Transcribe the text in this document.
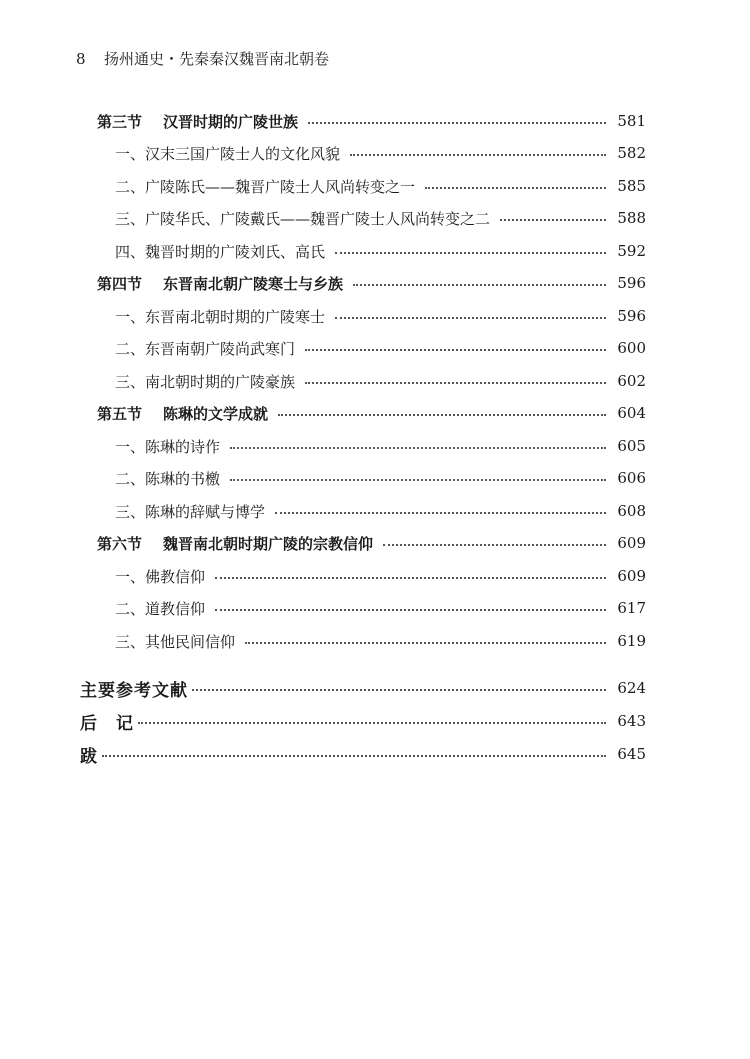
8 扬州通史・先秦秦汉魏晋南北朝卷
第三节 汉晋时期的广陵世族	581
一、汉末三国广陵士人的文化风貌	582
二、广陵陈氏——魏晋广陵士人风尚转变之一	585
三、广陵华氏、广陵戴氏——魏晋广陵士人风尚转变之二	588
四、魏晋时期的广陵刘氏、高氏	592
第四节 东晋南北朝广陵寒士与乡族	596
一、东晋南北朝时期的广陵寒士	596
二、东晋南朝广陵尚武寒门	600
三、南北朝时期的广陵豪族	602
第五节 陈琳的文学成就	604
一、陈琳的诗作	605
二、陈琳的书檄	606
三、陈琳的辞赋与博学	608
第六节 魏晋南北朝时期广陵的宗教信仰	609
一、佛教信仰	609
二、道教信仰	617
三、其他民间信仰	619
主要参考文献	624
后　记	643
跋	645
